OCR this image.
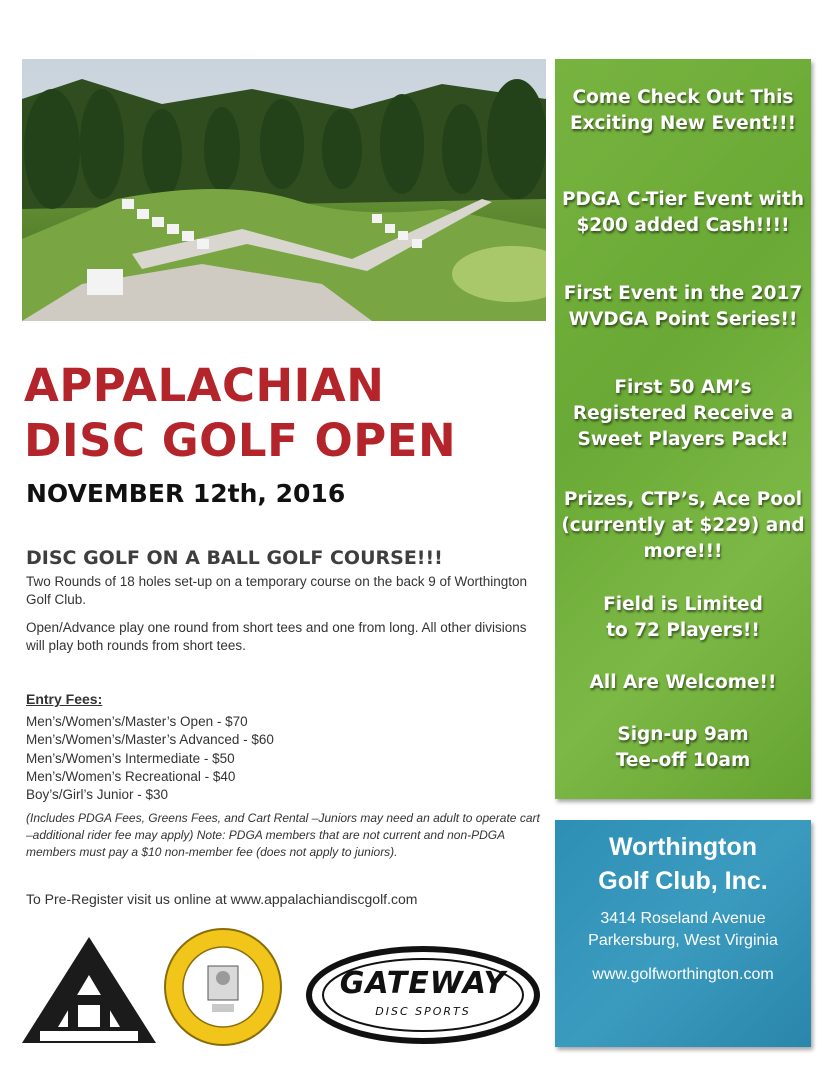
APPALACHIAN
DISC GOLF OPEN
NOVEMBER 12th, 2016
DISC GOLF ON A BALL GOLF COURSE!!!

Two Rounds of 18 holes set-up on a temporary course on the back 9 of Worthington Golf Club.

Open/Advance play one round from short tees and one from long. All other divisions will play both rounds from short tees.

Entry Fees:
Men’s/Women’s/Master’s Open - $70
Men’s/Women’s/Master’s Advanced - $60
Men’s/Women’s Intermediate - $50
Men’s/Women’s Recreational - $40
Boy’s/Girl’s Junior - $30

(Includes PDGA Fees, Greens Fees, and Cart Rental –Juniors may need an adult to operate cart –additional rider fee may apply) Note: PDGA members that are not current and non-PDGA members must pay a $10 non-member fee (does not apply to juniors).

To Pre-Register visit us online at www.appalachiandiscgolf.com
GATEWAY
DISC SPORTS
Come Check Out This
Exciting New Event!!!
PDGA C-Tier Event with
$200 added Cash!!!!
First Event in the 2017
WVDGA Point Series!!
First 50 AM’s
Registered Receive a
Sweet Players Pack!
Prizes, CTP’s, Ace Pool
(currently at $229) and
more!!!
Field is Limited
to 72 Players!!
All Are Welcome!!
Sign-up 9am
Tee-off 10am
Worthington
Golf Club, Inc.
3414 Roseland Avenue
Parkersburg, West Virginia
www.golfworthington.com
